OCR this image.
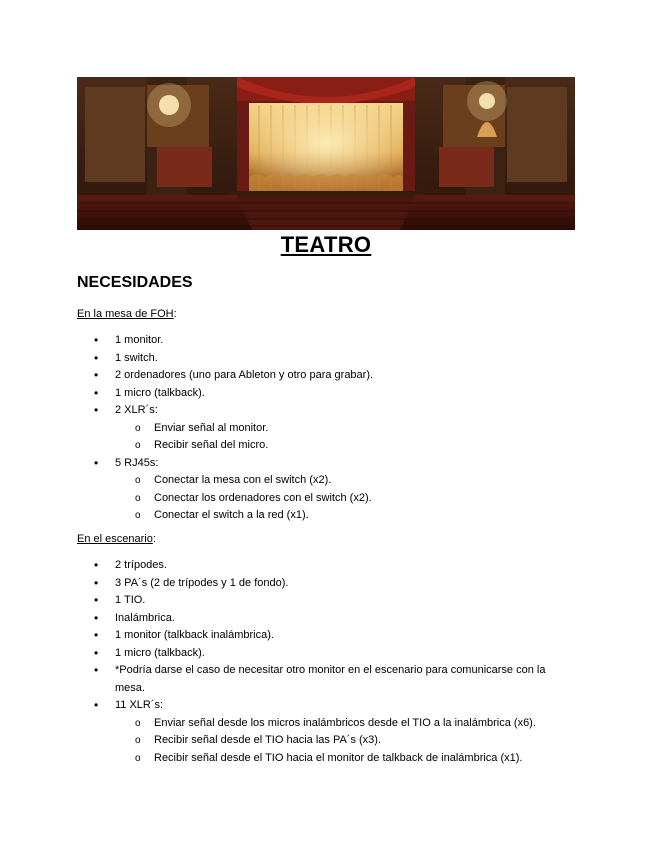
TEATRO
NECESIDADES
En la mesa de FOH:
• 1 monitor.
• 1 switch.
• 2 ordenadores (uno para Ableton y otro para grabar).
• 1 micro (talkback).
• 2 XLR´s:
o Enviar señal al monitor.
o Recibir señal del micro.
• 5 RJ45s:
o Conectar la mesa con el switch (x2).
o Conectar los ordenadores con el switch (x2).
o Conectar el switch a la red (x1).
En el escenario:
• 2 trípodes.
• 3 PA´s (2 de trípodes y 1 de fondo).
• 1 TIO.
• Inalámbrica.
• 1 monitor (talkback inalámbrica).
• 1 micro (talkback).
• *Podría darse el caso de necesitar otro monitor en el escenario para comunicarse con la mesa.
• 11 XLR´s:
o Enviar señal desde los micros inalámbricos desde el TIO a la inalámbrica (x6).
o Recibir señal desde el TIO hacia las PA´s (x3).
o Recibir señal desde el TIO hacia el monitor de talkback de inalámbrica (x1).
